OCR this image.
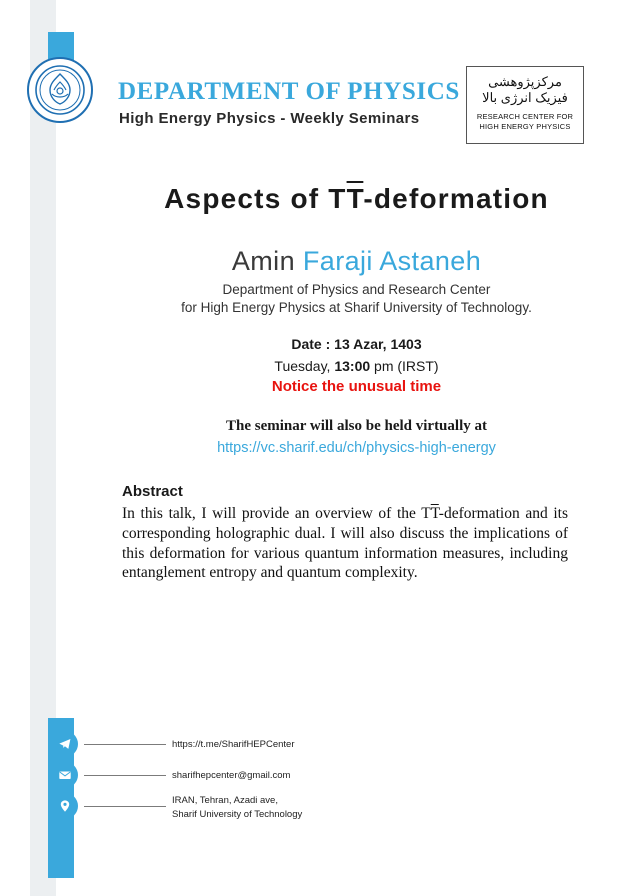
DEPARTMENT OF PHYSICS
High Energy Physics - Weekly Seminars
مرکز‌پژوهشی
فیزیک انرژی بالا
RESEARCH CENTER FOR
HIGH ENERGY PHYSICS
Aspects of $T\overline{T}$-deformation
Amin Faraji Astaneh
Department of Physics and Research Center
for High Energy Physics at Sharif University of Technology.
Date : 13 Azar, 1403
Tuesday, 13:00 pm (IRST)
Notice the unusual time
The seminar will also be held virtually at
https://vc.sharif.edu/ch/physics-high-energy
Abstract
In this talk, I will provide an overview of the $T\overline{T}$-deformation and its corresponding holographic dual. I will also discuss the implications of this deformation for various quantum information measures, including entanglement entropy and quantum complexity.
https://t.me/SharifHEPCenter
sharifhepcenter@gmail.com
IRAN, Tehran, Azadi ave,
Sharif University of Technology
